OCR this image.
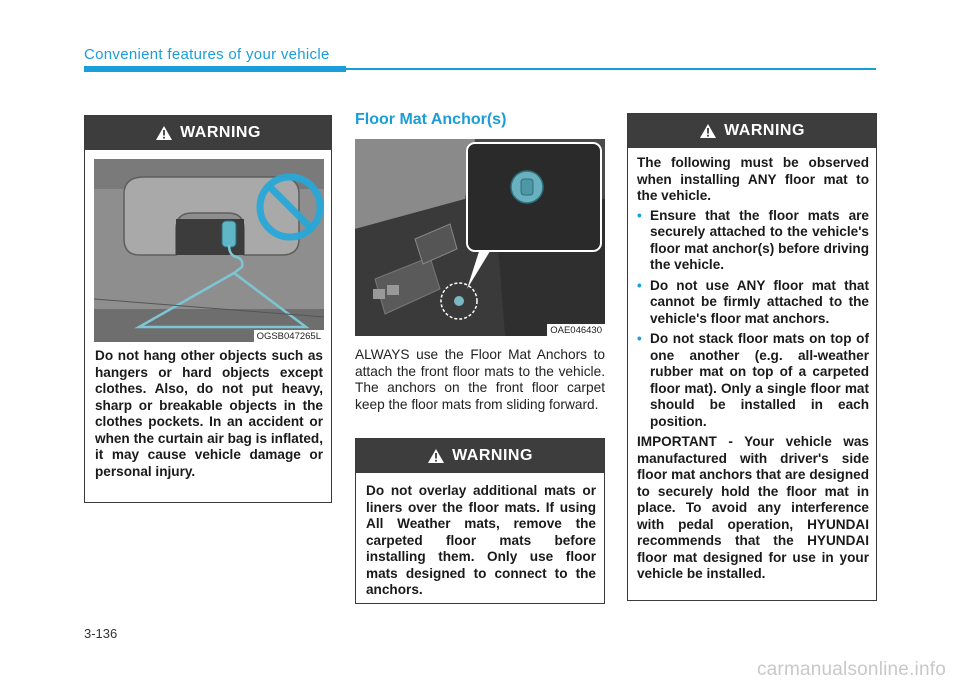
Convenient features of your vehicle
WARNING
OGSB047265L
Do not hang other objects such as hangers or hard objects except clothes. Also, do not put heavy, sharp or breakable objects in the clothes pockets. In an accident or when the curtain air bag is inflated, it may cause vehicle damage or personal injury.
Floor Mat Anchor(s)
OAE046430
ALWAYS use the Floor Mat Anchors to attach the front floor mats to the vehicle. The anchors on the front floor carpet keep the floor mats from sliding forward.
WARNING
Do not overlay additional mats or liners over the floor mats. If using All Weather mats, remove the carpeted floor mats before installing them. Only use floor mats designed to connect to the anchors.
WARNING
The following must be observed when installing ANY floor mat to the vehicle.
• Ensure that the floor mats are securely attached to the vehicle's floor mat anchor(s) before driving the vehicle.
• Do not use ANY floor mat that cannot be firmly attached to the vehicle's floor mat anchors.
• Do not stack floor mats on top of one another (e.g. all-weather rubber mat on top of a carpeted floor mat). Only a single floor mat should be installed in each position.
IMPORTANT - Your vehicle was manufactured with driver's side floor mat anchors that are designed to securely hold the floor mat in place. To avoid any interference with pedal operation, HYUNDAI recommends that the HYUNDAI floor mat designed for use in your vehicle be installed.
3-136
carmanualsonline.info
